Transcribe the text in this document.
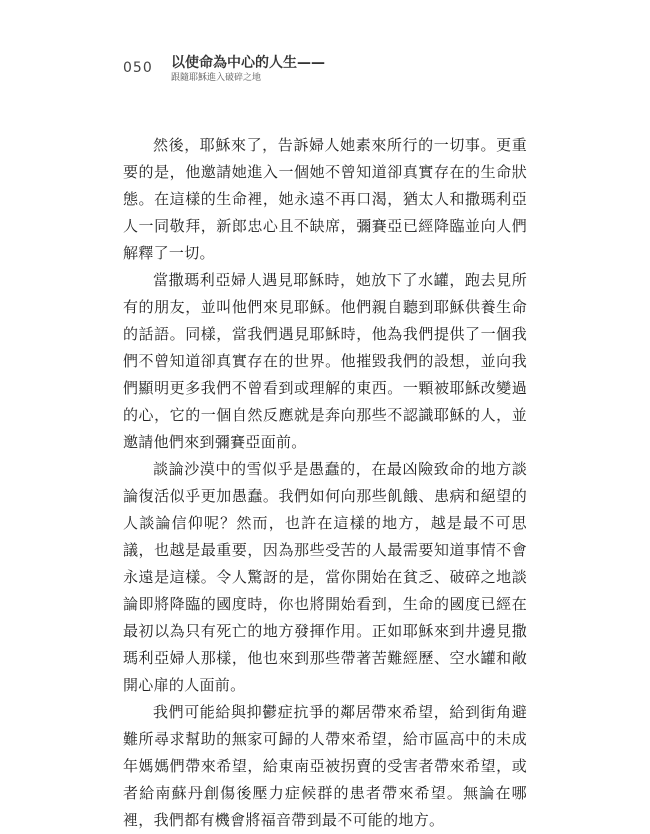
050 以使命為中心的人生——
跟隨耶穌進入破碎之地

然後，耶穌來了，告訴婦人她素來所行的一切事。更重要的是，他邀請她進入一個她不曾知道卻真實存在的生命狀態。在這樣的生命裡，她永遠不再口渴，猶太人和撒瑪利亞人一同敬拜，新郎忠心且不缺席，彌賽亞已經降臨並向人們解釋了一切。

當撒瑪利亞婦人遇見耶穌時，她放下了水罐，跑去見所有的朋友，並叫他們來見耶穌。他們親自聽到耶穌供養生命的話語。同樣，當我們遇見耶穌時，他為我們提供了一個我們不曾知道卻真實存在的世界。他摧毀我們的設想，並向我們顯明更多我們不曾看到或理解的東西。一顆被耶穌改變過的心，它的一個自然反應就是奔向那些不認識耶穌的人，並邀請他們來到彌賽亞面前。

談論沙漠中的雪似乎是愚蠢的，在最凶險致命的地方談論復活似乎更加愚蠢。我們如何向那些飢餓、患病和絕望的人談論信仰呢？然而，也許在這樣的地方，越是最不可思議，也越是最重要，因為那些受苦的人最需要知道事情不會永遠是這樣。令人驚訝的是，當你開始在貧乏、破碎之地談論即將降臨的國度時，你也將開始看到，生命的國度已經在最初以為只有死亡的地方發揮作用。正如耶穌來到井邊見撒瑪利亞婦人那樣，他也來到那些帶著苦難經歷、空水罐和敞開心扉的人面前。

我們可能給與抑鬱症抗爭的鄰居帶來希望，給到街角避難所尋求幫助的無家可歸的人帶來希望，給市區高中的未成年媽媽們帶來希望，給東南亞被拐賣的受害者帶來希望，或者給南蘇丹創傷後壓力症候群的患者帶來希望。無論在哪裡，我們都有機會將福音帶到最不可能的地方。
